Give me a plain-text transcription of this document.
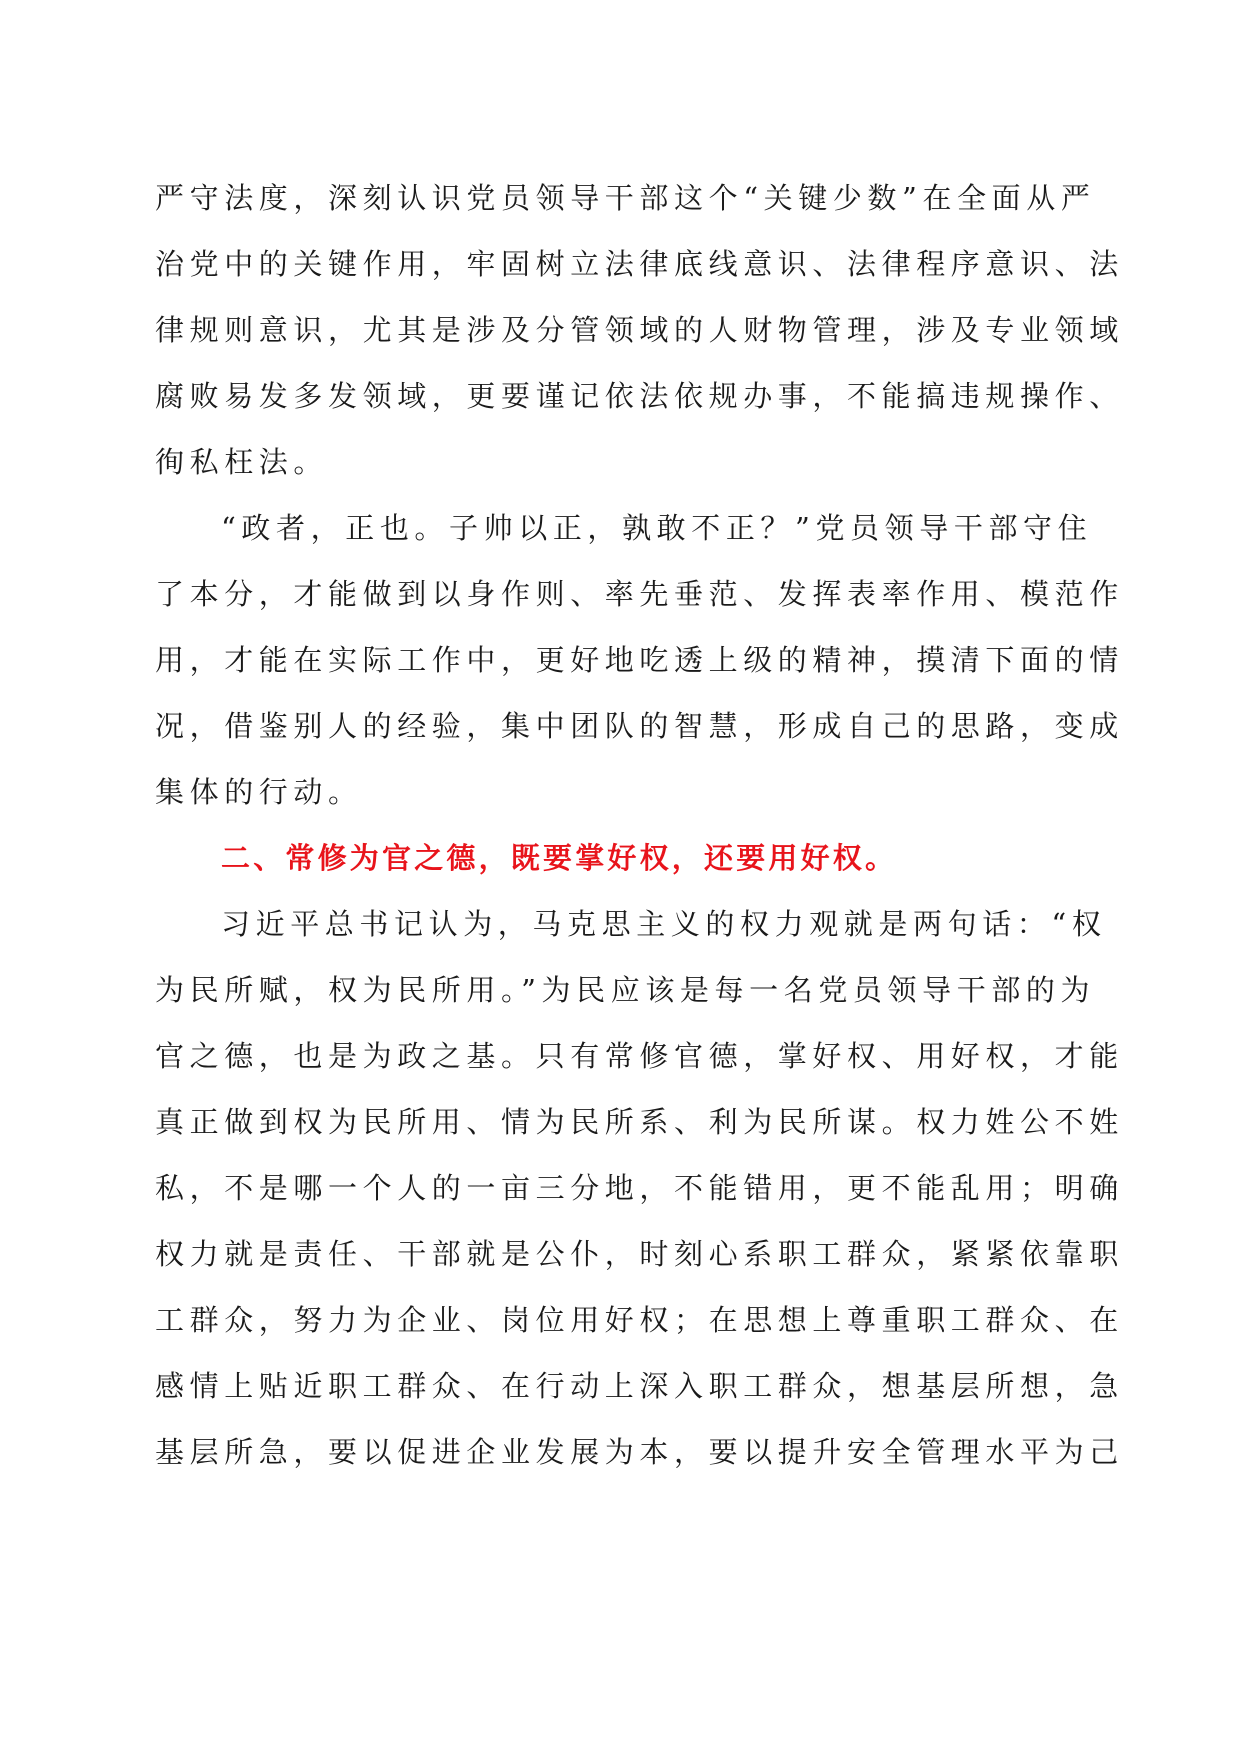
严守法度，深刻认识党员领导干部这个“关键少数”在全面从严
治党中的关键作用，牢固树立法律底线意识、法律程序意识、法
律规则意识，尤其是涉及分管领域的人财物管理，涉及专业领域
腐败易发多发领域，更要谨记依法依规办事，不能搞违规操作、
徇私枉法。

“政者，正也。子帅以正，孰敢不正？”党员领导干部守住
了本分，才能做到以身作则、率先垂范、发挥表率作用、模范作
用，才能在实际工作中，更好地吃透上级的精神，摸清下面的情
况，借鉴别人的经验，集中团队的智慧，形成自己的思路，变成
集体的行动。

二、常修为官之德，既要掌好权，还要用好权。

习近平总书记认为，马克思主义的权力观就是两句话：“权
为民所赋，权为民所用。”为民应该是每一名党员领导干部的为
官之德，也是为政之基。只有常修官德，掌好权、用好权，才能
真正做到权为民所用、情为民所系、利为民所谋。权力姓公不姓
私，不是哪一个人的一亩三分地，不能错用，更不能乱用；明确
权力就是责任、干部就是公仆，时刻心系职工群众，紧紧依靠职
工群众，努力为企业、岗位用好权；在思想上尊重职工群众、在
感情上贴近职工群众、在行动上深入职工群众，想基层所想，急
基层所急，要以促进企业发展为本，要以提升安全管理水平为己
